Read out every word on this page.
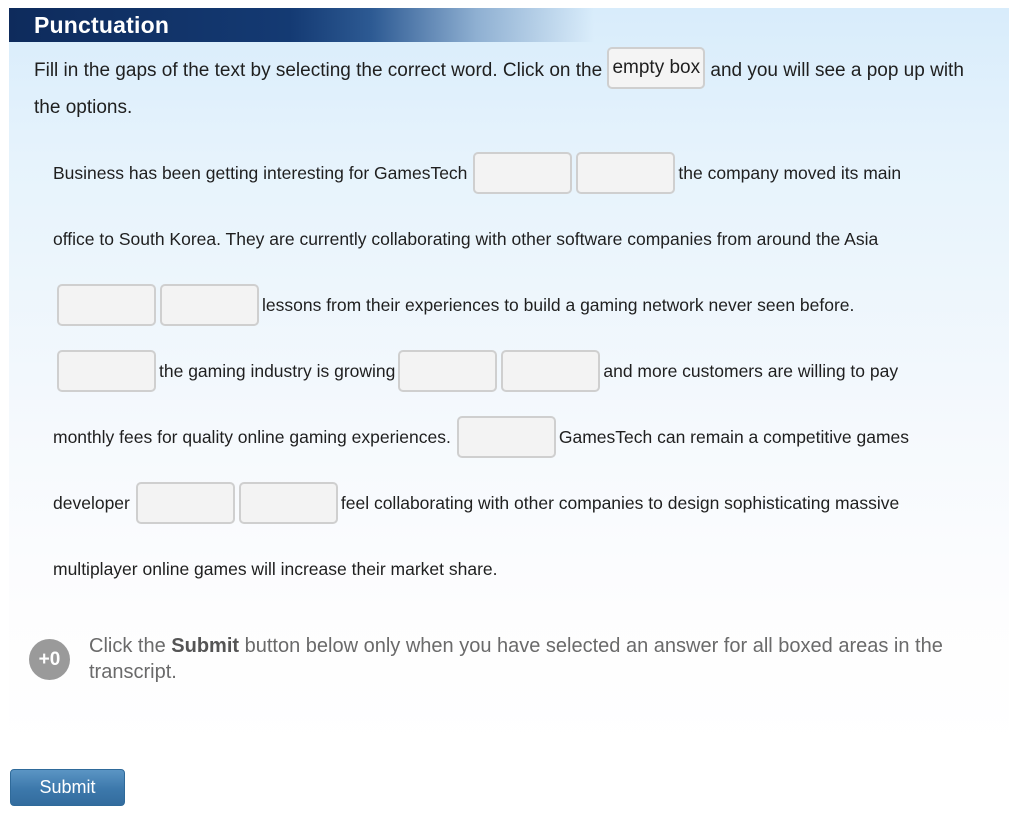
Punctuation
Fill in the gaps of the text by selecting the correct word. Click on the empty box and you will see a pop up with the options.
Business has been getting interesting for GamesTech	the company moved its main
office to South Korea. They are currently collaborating with other software companies from around the Asia
lessons from their experiences to build a gaming network never seen before.
the gaming industry is growing	and more customers are willing to pay
monthly fees for quality online gaming experiences.	GamesTech can remain a competitive games
developer	feel collaborating with other companies to design sophisticating massive
multiplayer online games will increase their market share.
+0
Click the Submit button below only when you have selected an answer for all boxed areas in the transcript.
Submit
